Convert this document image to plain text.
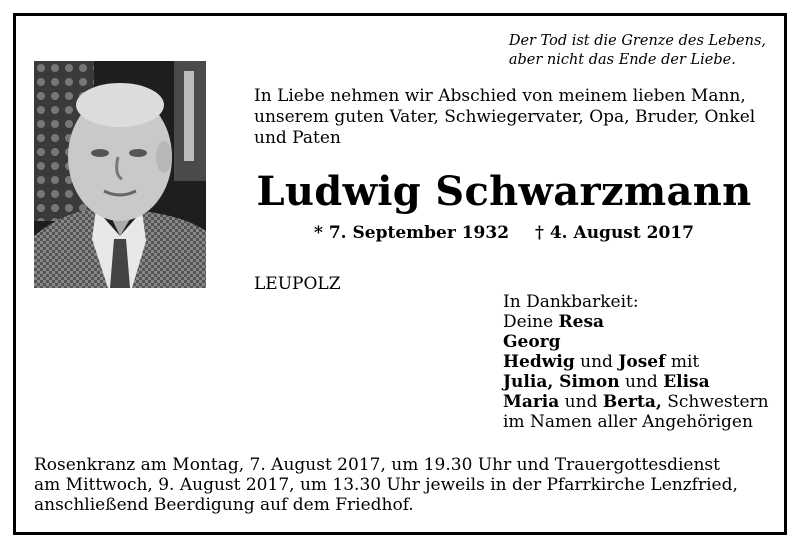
Der Tod ist die Grenze des Lebens,
aber nicht das Ende der Liebe.
In Liebe nehmen wir Abschied von meinem lieben Mann, unserem guten Vater, Schwiegervater, Opa, Bruder, Onkel und Paten
Ludwig Schwarzmann
* 7. September 1932 † 4. August 2017
LEUPOLZ
In Dankbarkeit:
Deine Resa
Georg
Hedwig und Josef mit
Julia, Simon und Elisa
Maria und Berta, Schwestern
im Namen aller Angehörigen
Rosenkranz am Montag, 7. August 2017, um 19.30 Uhr und Trauergottesdienst
am Mittwoch, 9. August 2017, um 13.30 Uhr jeweils in der Pfarrkirche Lenzfried,
anschließend Beerdigung auf dem Friedhof.
